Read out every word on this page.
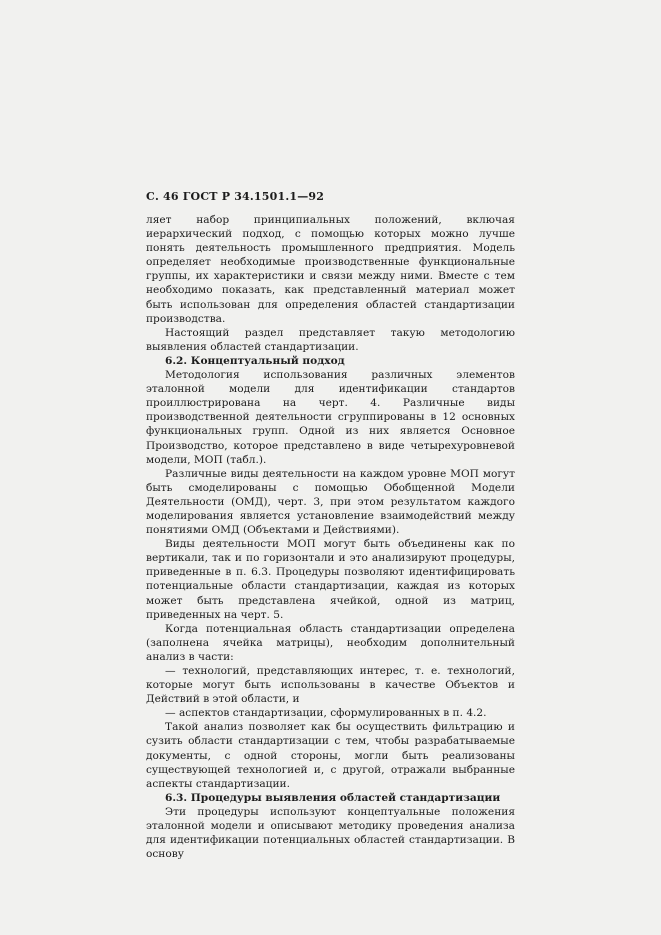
С. 46 ГОСТ Р 34.1501.1—92

ляет набор принципиальных положений, включая иерархический подход, с помощью которых можно лучше понять деятельность промышленного предприятия. Модель определяет необходимые производственные функциональные группы, их характеристики и связи между ними. Вместе с тем необходимо показать, как представленный материал может быть использован для определения областей стандартизации производства.

Настоящий раздел представляет такую методологию выявления областей стандартизации.

6.2. Концептуальный подход

Методология использования различных элементов эталонной модели для идентификации стандартов проиллюстрирована на черт. 4. Различные виды производственной деятельности сгруппированы в 12 основных функциональных групп. Одной из них является Основное Производство, которое представлено в виде четырехуровневой модели, МОП (табл.).

Различные виды деятельности на каждом уровне МОП могут быть смоделированы с помощью Обобщенной Модели Деятельности (ОМД), черт. 3, при этом результатом каждого моделирования является установление взаимодействий между понятиями ОМД (Объектами и Действиями).

Виды деятельности МОП могут быть объединены как по вертикали, так и по горизонтали и это анализируют процедуры, приведенные в п. 6.3. Процедуры позволяют идентифицировать потенциальные области стандартизации, каждая из которых может быть представлена ячейкой, одной из матриц, приведенных на черт. 5.

Когда потенциальная область стандартизации определена (заполнена ячейка матрицы), необходим дополнительный анализ в части:

— технологий, представляющих интерес, т. е. технологий, которые могут быть использованы в качестве Объектов и Действий в этой области, и

— аспектов стандартизации, сформулированных в п. 4.2.

Такой анализ позволяет как бы осуществить фильтрацию и сузить области стандартизации с тем, чтобы разрабатываемые документы, с одной стороны, могли быть реализованы существующей технологией и, с другой, отражали выбранные аспекты стандартизации.

6.3. Процедуры выявления областей стандартизации

Эти процедуры используют концептуальные положения эталонной модели и описывают методику проведения анализа для идентификации потенциальных областей стандартизации. В основу
